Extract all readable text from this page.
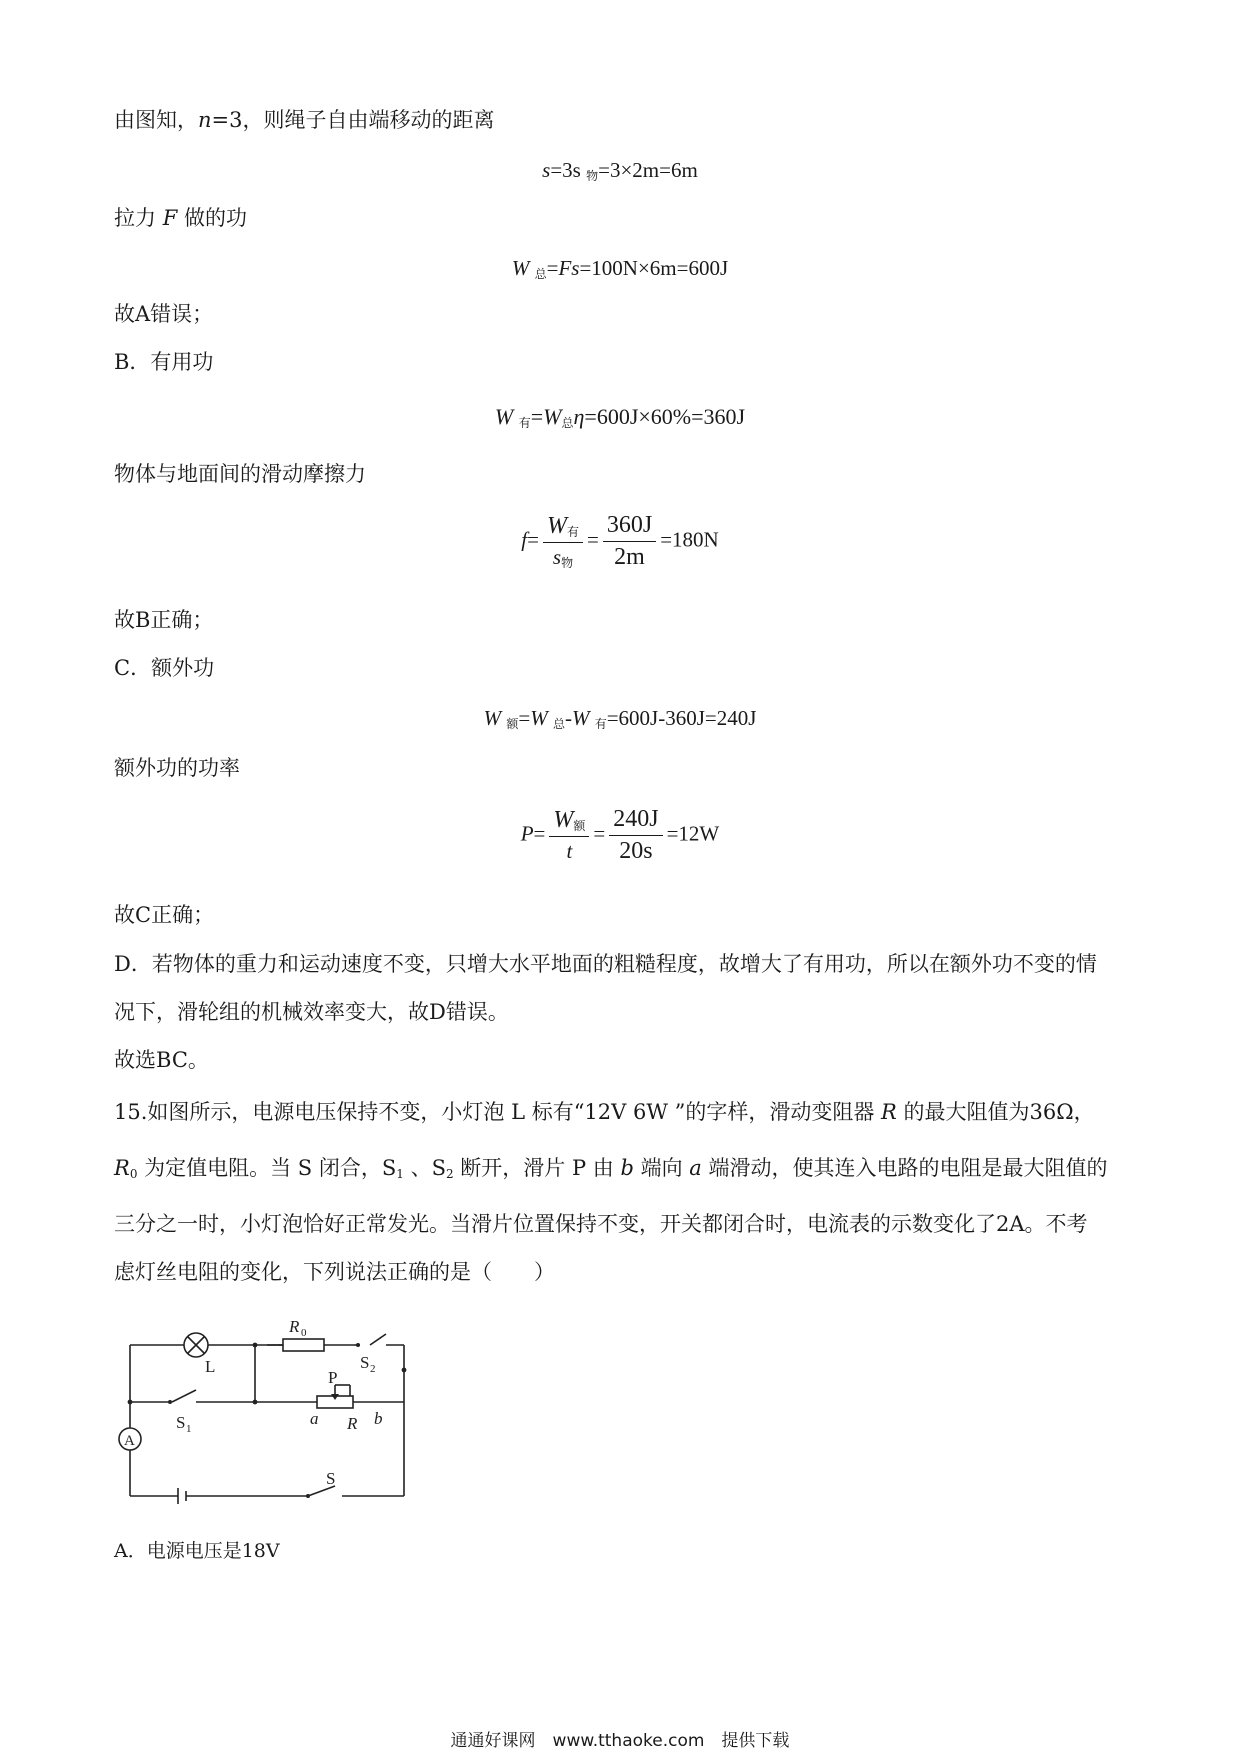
由图知，n=3，则绳子自由端移动的距离
s=3s $_物$=3×2m=6m
拉力 F 做的功
W $_总$=Fs=100N×6m=600J
故A错误；
B．有用功
W $_有=W_总\eta=600J\times 60\%=360J$
物体与地面间的滑动摩擦力
$f= \frac{W_有}{s_物} = \frac{360J}{2m} =180N$
故B正确；
C．额外功
W $_额$=W $_总$-W $_有$=600J-360J=240J
额外功的功率
$P= \frac{W_额}{t} = \frac{240J}{20s} =12W$
故C正确；
D．若物体的重力和运动速度不变，只增大水平地面的粗糙程度，故增大了有用功，所以在额外功不变的情
况下，滑轮组的机械效率变大，故D错误。
故选BC。
15.如图所示，电源电压保持不变，小灯泡 L 标有“12V 6W ”的字样，滑动变阻器 R 的最大阻值为36Ω，
$R_0$ 为定值电阻。当 S 闭合，$S_1$ 、$S_2$ 断开，滑片 P 由 b 端向 a 端滑动，使其连入电路的电阻是最大阻值的
三分之一时，小灯泡恰好正常发光。当滑片位置保持不变，开关都闭合时，电流表的示数变化了2A。不考
虑灯丝电阻的变化，下列说法正确的是（　　）
L
R 0
S 2
S 1
P
a R b
A
S
A．电源电压是18V
通通好课网　www.tthaoke.com　提供下载
